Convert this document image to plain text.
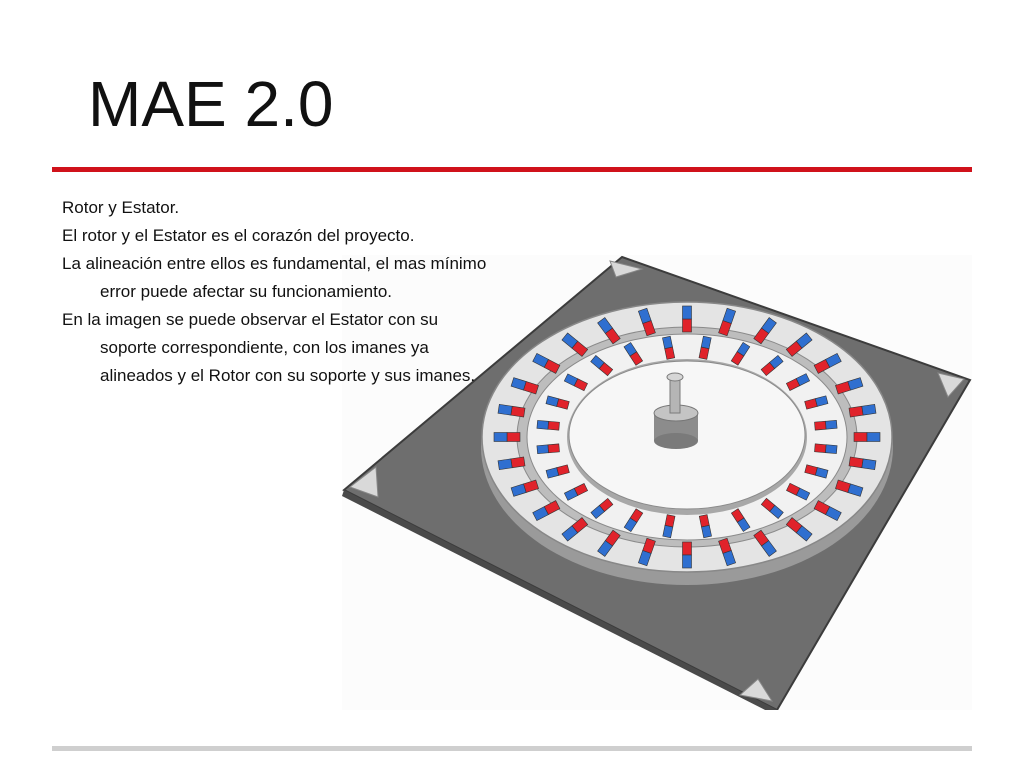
MAE 2.0

Rotor y Estator.

El rotor y el Estator es el corazón del proyecto.

La alineación entre ellos es fundamental, el mas mínimo error puede afectar su funcionamiento.

En la imagen se puede observar el Estator con su soporte correspondiente, con los imanes ya alineados y el Rotor con su soporte y sus imanes.
